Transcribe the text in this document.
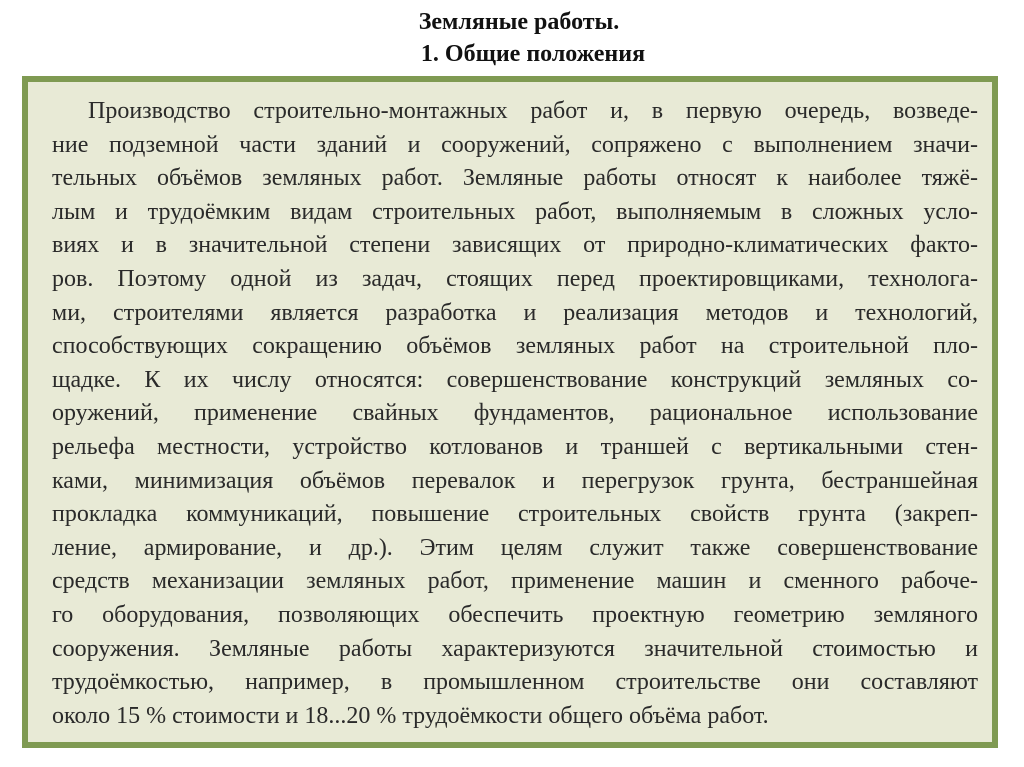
Земляные работы.
1. Общие положения

Производство строительно-монтажных работ и, в первую очередь, возведе-
ние подземной части зданий и сооружений, сопряжено с выполнением значи-
тельных объёмов земляных работ. Земляные работы относят к наиболее тяжё-
лым и трудоёмким видам строительных работ, выполняемым в сложных усло-
виях и в значительной степени зависящих от природно-климатических факто-
ров. Поэтому одной из задач, стоящих перед проектировщиками, технолога-
ми, строителями является разработка и реализация методов и технологий,
способствующих сокращению объёмов земляных работ на строительной пло-
щадке. К их числу относятся: совершенствование конструкций земляных со-
оружений, применение свайных фундаментов, рациональное использование
рельефа местности, устройство котлованов и траншей с вертикальными стен-
ками, минимизация объёмов перевалок и перегрузок грунта, бестраншейная
прокладка коммуникаций, повышение строительных свойств грунта (закреп-
ление, армирование, и др.). Этим целям служит также совершенствование
средств механизации земляных работ, применение машин и сменного рабоче-
го оборудования, позволяющих обеспечить проектную геометрию земляного
сооружения. Земляные работы характеризуются значительной стоимостью и
трудоёмкостью, например, в промышленном строительстве они составляют
около 15 % стоимости и 18...20 % трудоёмкости общего объёма работ.
